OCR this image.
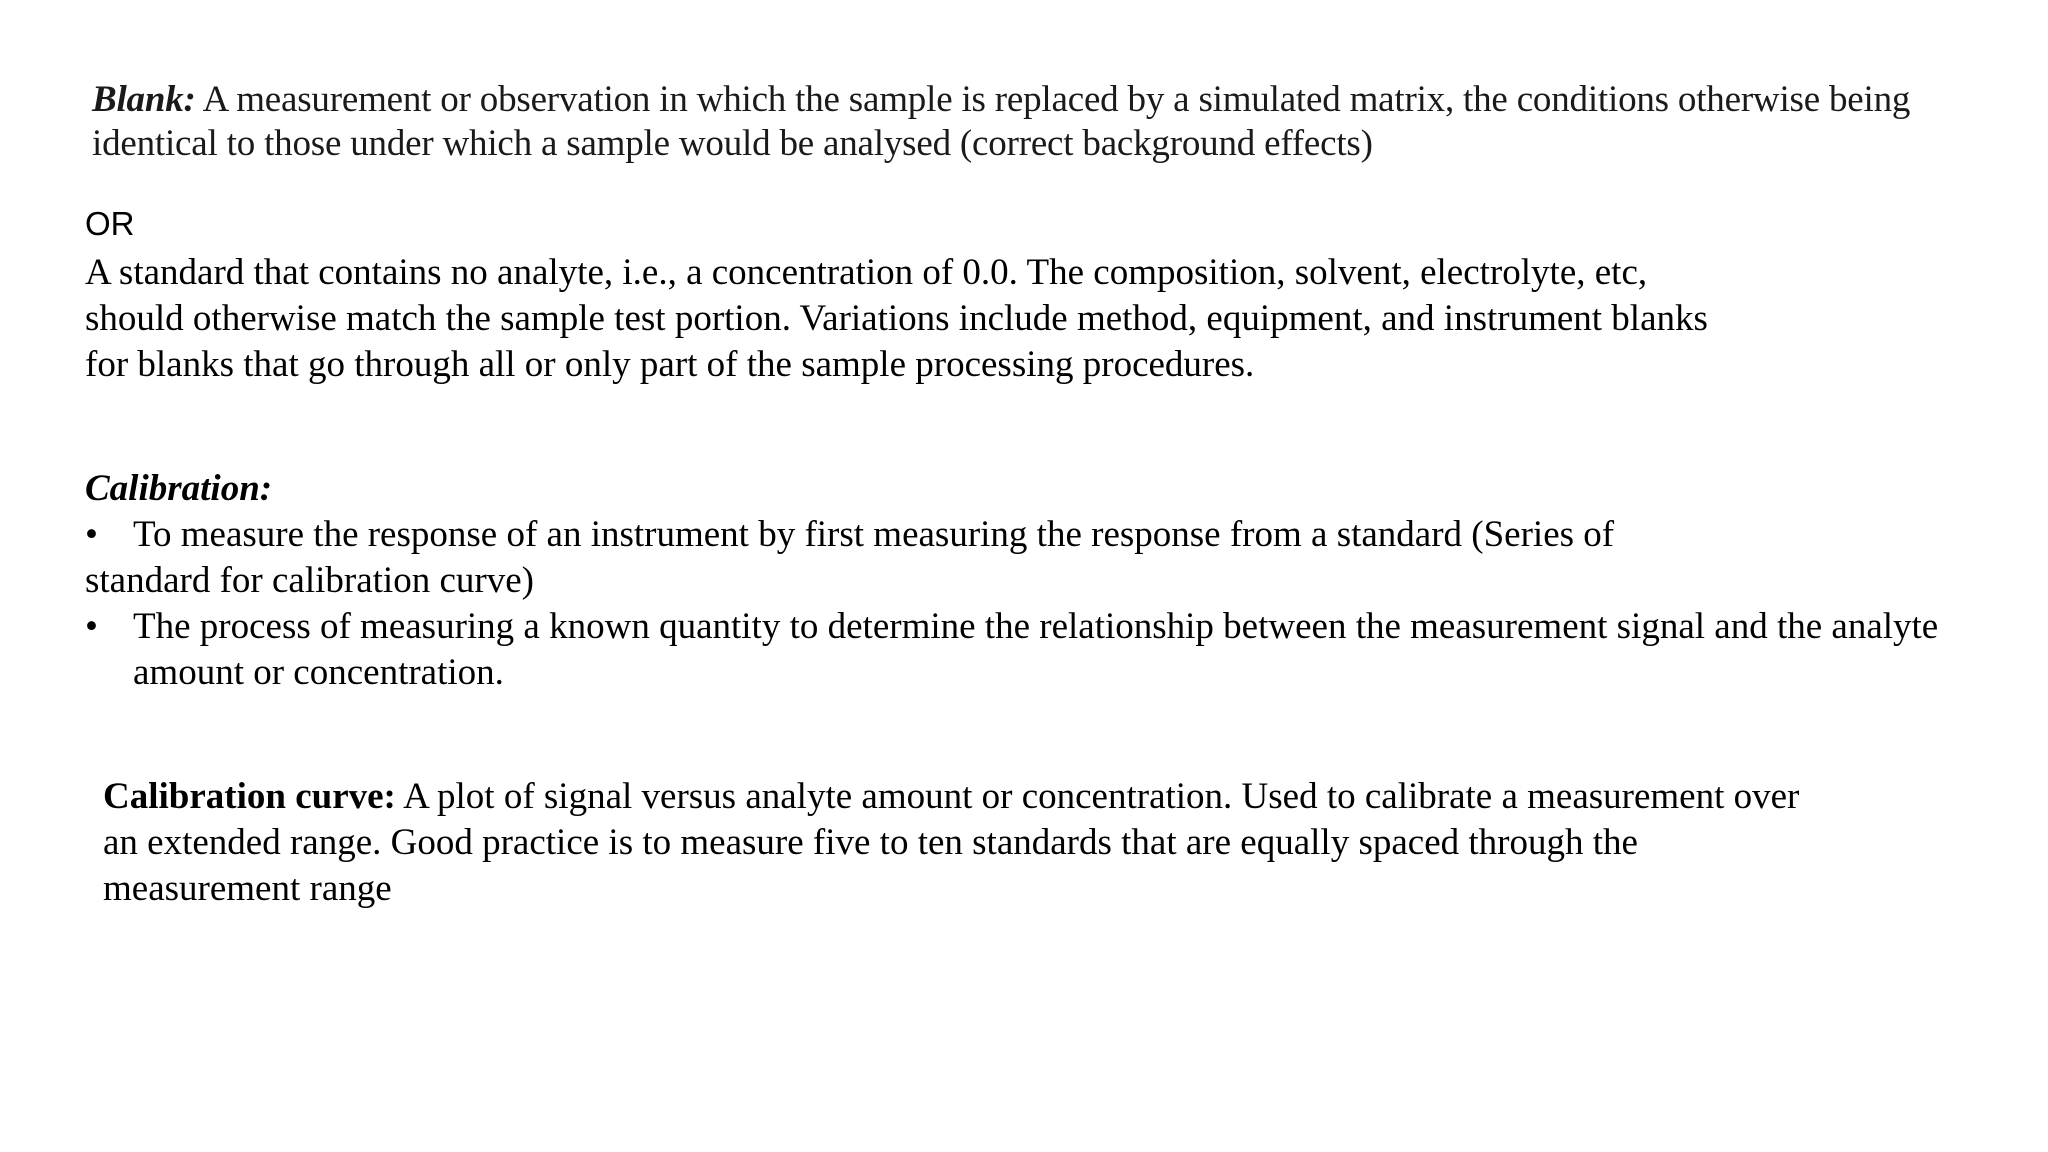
Blank: A measurement or observation in which the sample is replaced by a simulated matrix, the conditions otherwise being identical to those under which a sample would be analysed (correct background effects)

OR

A standard that contains no analyte, i.e., a concentration of 0.0. The composition, solvent, electrolyte, etc,
should otherwise match the sample test portion. Variations include method, equipment, and instrument blanks
for blanks that go through all or only part of the sample processing procedures.

Calibration:
• To measure the response of an instrument by first measuring the response from a standard (Series of
standard for calibration curve)
• The process of measuring a known quantity to determine the relationship between the measurement signal and the analyte amount or concentration.

Calibration curve: A plot of signal versus analyte amount or concentration. Used to calibrate a measurement over
an extended range. Good practice is to measure five to ten standards that are equally spaced through the
measurement range
